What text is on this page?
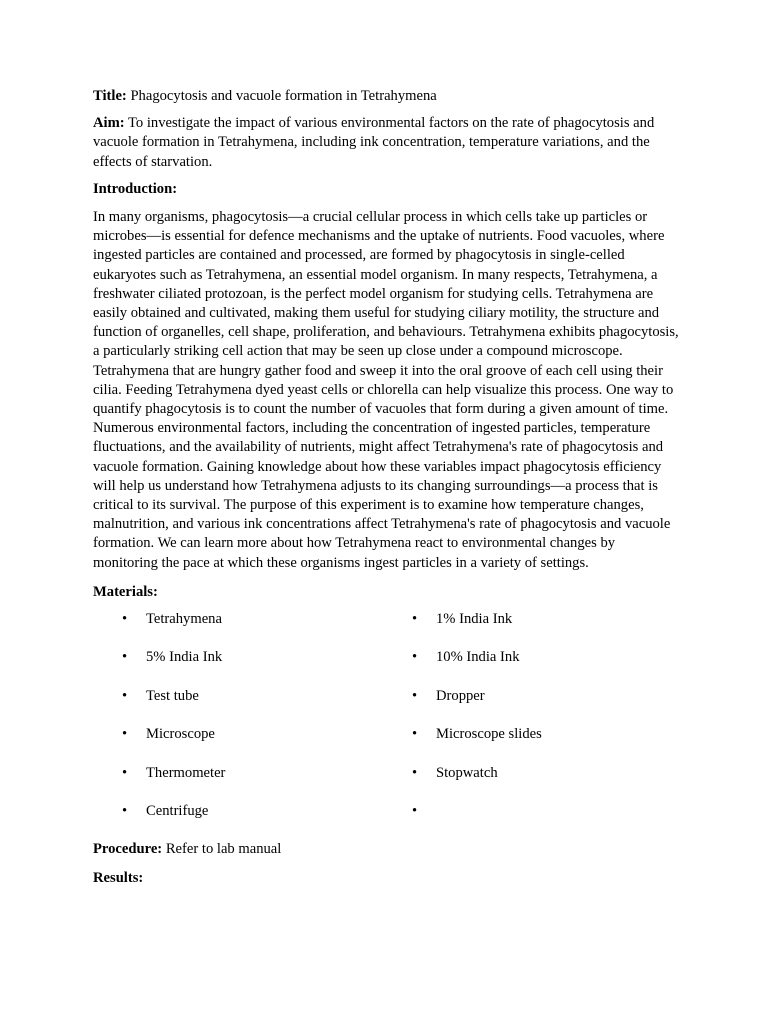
Title: Phagocytosis and vacuole formation in Tetrahymena

Aim: To investigate the impact of various environmental factors on the rate of phagocytosis and vacuole formation in Tetrahymena, including ink concentration, temperature variations, and the effects of starvation.

Introduction:

In many organisms, phagocytosis—a crucial cellular process in which cells take up particles or microbes—is essential for defence mechanisms and the uptake of nutrients. Food vacuoles, where ingested particles are contained and processed, are formed by phagocytosis in single-celled eukaryotes such as Tetrahymena, an essential model organism. In many respects, Tetrahymena, a freshwater ciliated protozoan, is the perfect model organism for studying cells. Tetrahymena are easily obtained and cultivated, making them useful for studying ciliary motility, the structure and function of organelles, cell shape, proliferation, and behaviours. Tetrahymena exhibits phagocytosis, a particularly striking cell action that may be seen up close under a compound microscope. Tetrahymena that are hungry gather food and sweep it into the oral groove of each cell using their cilia. Feeding Tetrahymena dyed yeast cells or chlorella can help visualize this process. One way to quantify phagocytosis is to count the number of vacuoles that form during a given amount of time. Numerous environmental factors, including the concentration of ingested particles, temperature fluctuations, and the availability of nutrients, might affect Tetrahymena's rate of phagocytosis and vacuole formation. Gaining knowledge about how these variables impact phagocytosis efficiency will help us understand how Tetrahymena adjusts to its changing surroundings—a process that is critical to its survival. The purpose of this experiment is to examine how temperature changes, malnutrition, and various ink concentrations affect Tetrahymena's rate of phagocytosis and vacuole formation. We can learn more about how Tetrahymena react to environmental changes by monitoring the pace at which these organisms ingest particles in a variety of settings.

Materials:

• Tetrahymena	• 1% India Ink
• 5% India Ink	• 10% India Ink
• Test tube	• Dropper
• Microscope	• Microscope slides
• Thermometer	• Stopwatch
• Centrifuge	•

Procedure: Refer to lab manual

Results:
